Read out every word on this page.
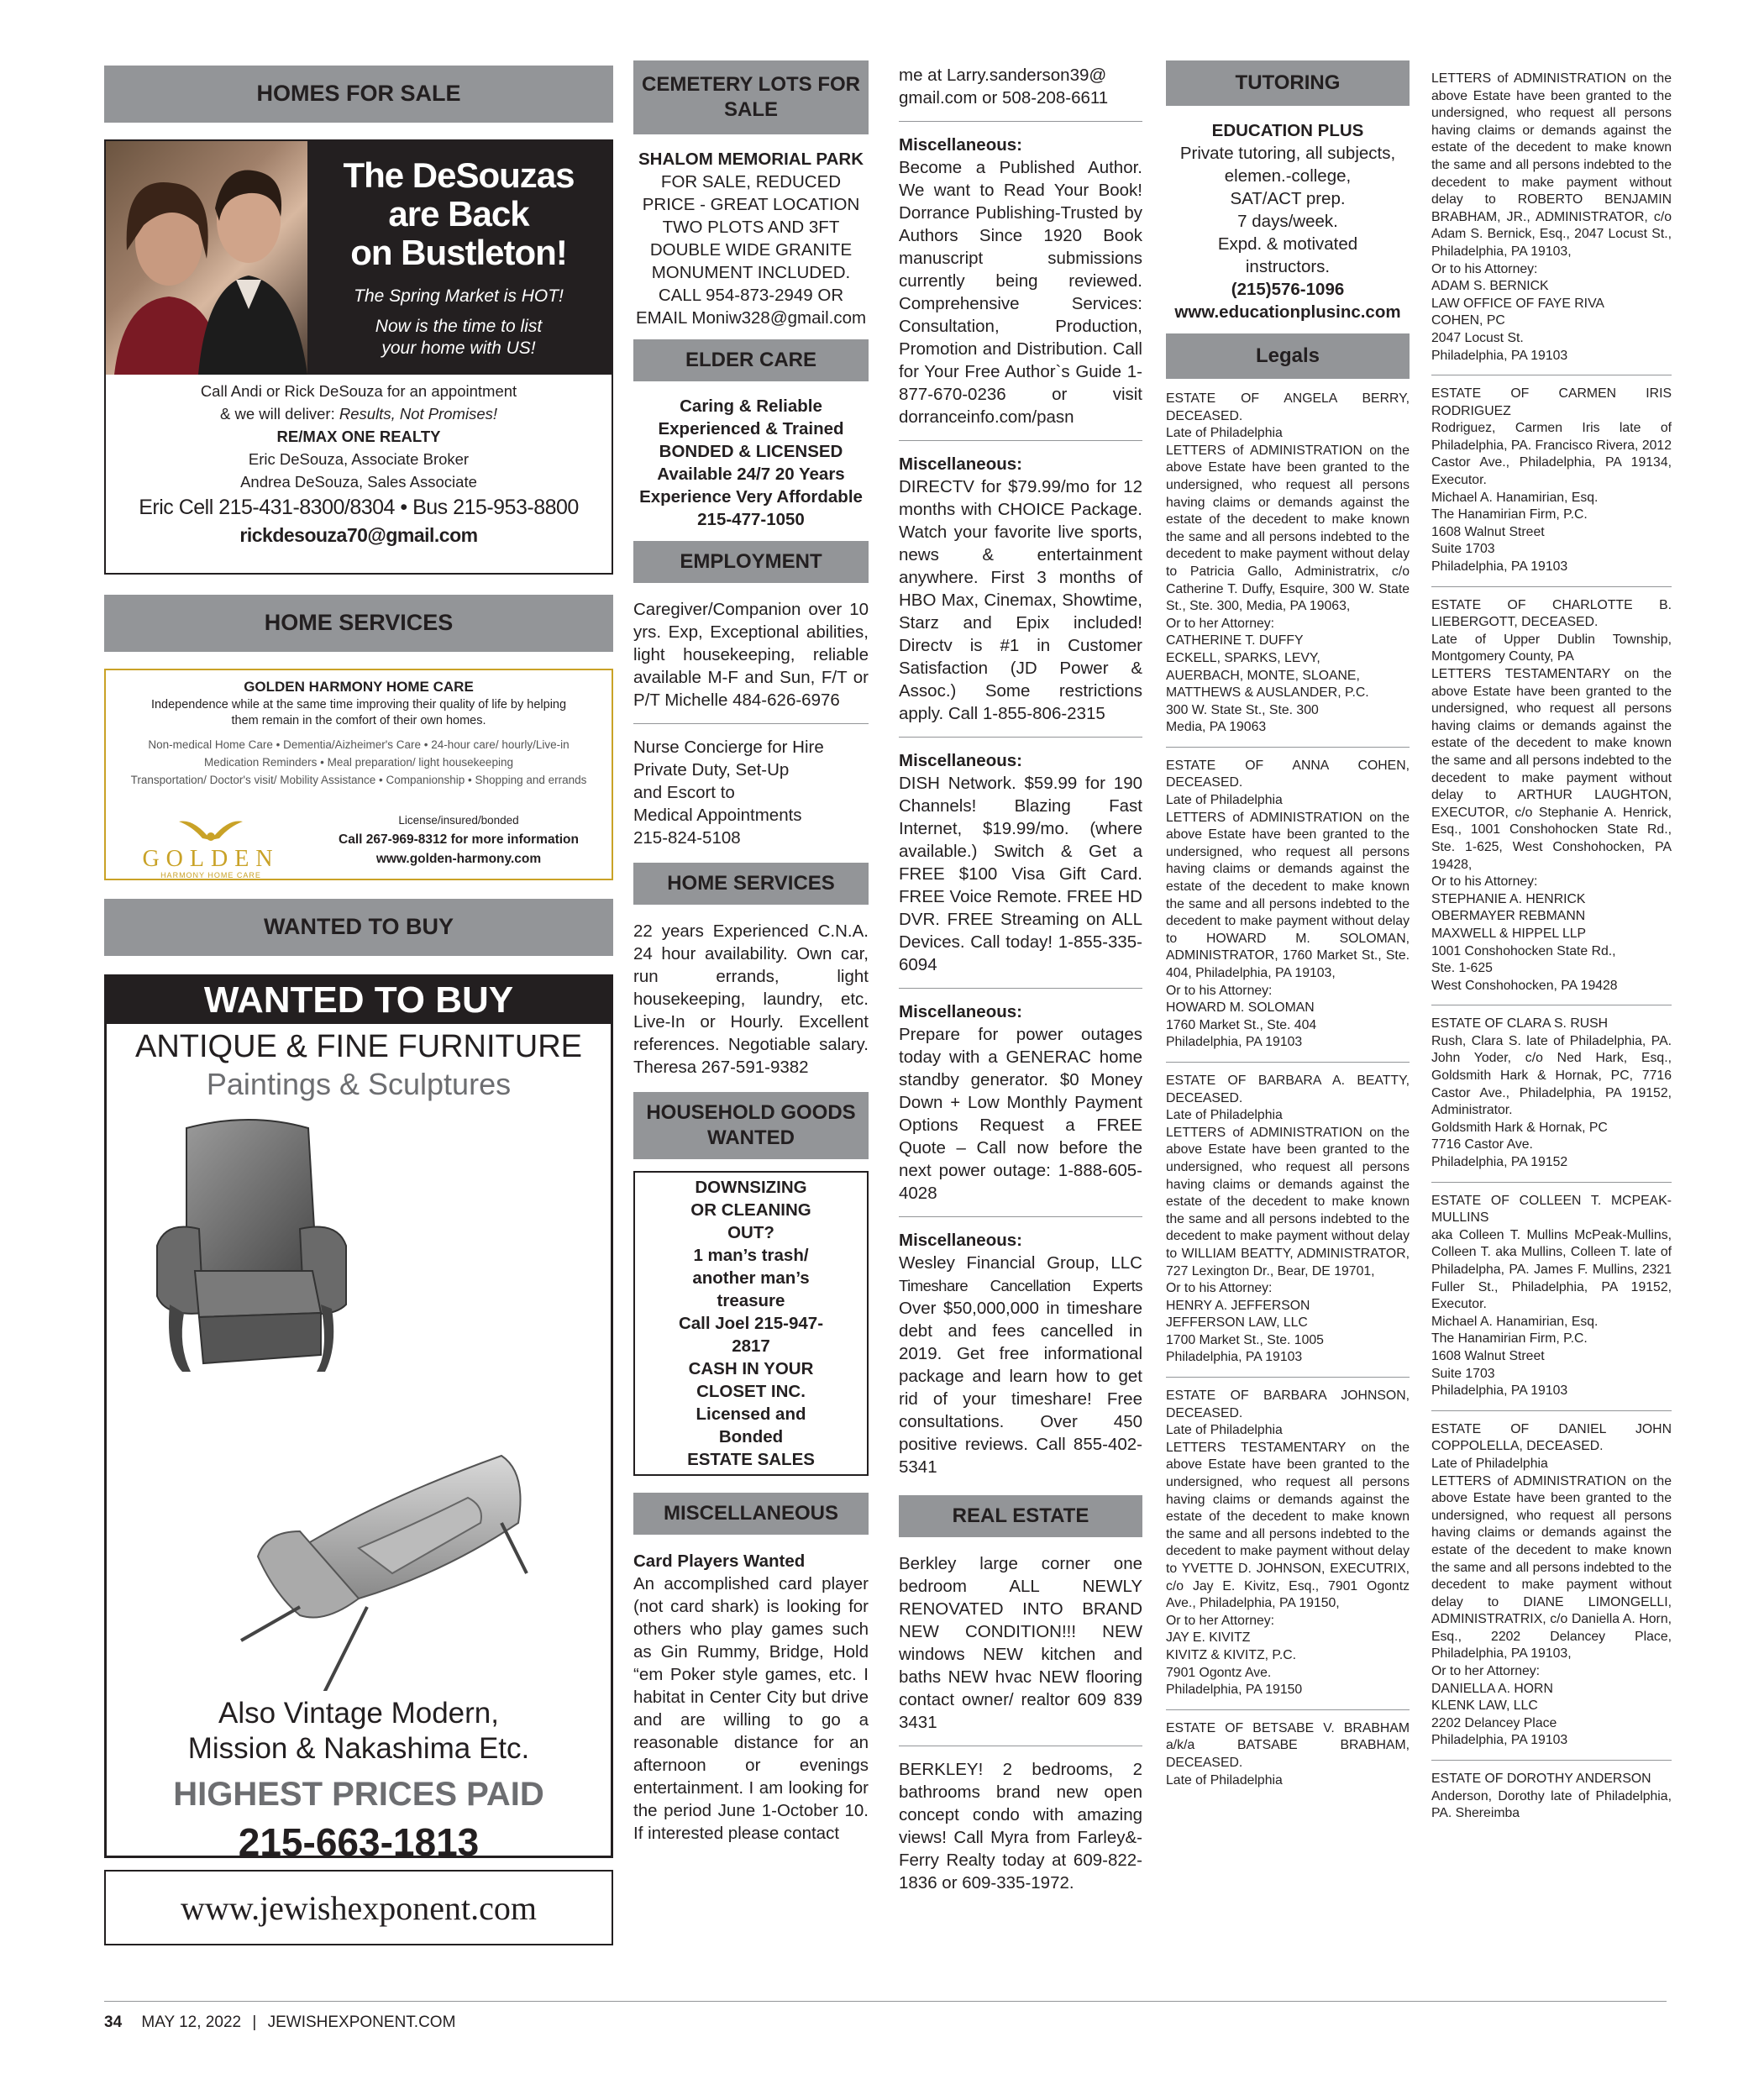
HOMES FOR SALE
The DeSouzas
are Back
on Bustleton!
The Spring Market is HOT!
Now is the time to list
your home with US!
Call Andi or Rick DeSouza for an appointment
& we will deliver: Results, Not Promises!
RE/MAX ONE REALTY
Eric DeSouza, Associate Broker
Andrea DeSouza, Sales Associate
Eric Cell 215-431-8300/8304 • Bus 215-953-8800
rickdesouza70@gmail.com
HOME SERVICES
GOLDEN HARMONY HOME CARE
Independence while at the same time improving their quality of life by helping
them remain in the comfort of their own homes.
Non-medical Home Care • Dementia/Aizheimer's Care • 24-hour care/ hourly/Live-in
Medication Reminders • Meal preparation/ light housekeeping
Transportation/ Doctor's visit/ Mobility Assistance • Companionship • Shopping and errands
GOLDEN
HARMONY HOME CARE
License/insured/bonded
Call 267-969-8312 for more information
www.golden-harmony.com
WANTED TO BUY
WANTED TO BUY
ANTIQUE & FINE FURNITURE
Paintings & Sculptures
Also Vintage Modern,
Mission & Nakashima Etc.
HIGHEST PRICES PAID
215-663-1813
www.jewishexponent.com
CEMETERY LOTS FOR SALE
SHALOM MEMORIAL PARK
FOR SALE, REDUCED PRICE - GREAT LOCATION TWO PLOTS AND 3FT DOUBLE WIDE GRANITE MONUMENT INCLUDED. CALL 954-873-2949 OR EMAIL Moniw328@gmail.com
ELDER CARE
Caring & Reliable Experienced & Trained BONDED & LICENSED Available 24/7 20 Years Experience Very Affordable 215-477-1050
EMPLOYMENT
Caregiver/Companion over 10 yrs. Exp, Exceptional abilities, light housekeeping, reliable available M-F and Sun, F/T or P/T Michelle 484-626-6976
Nurse Concierge for Hire
Private Duty, Set-Up
and Escort to
Medical Appointments
215-824-5108
HOME SERVICES
22 years Experienced C.N.A. 24 hour availability. Own car, run errands, light housekeeping, laundry, etc. Live-In or Hourly. Excellent references. Negotiable salary. Theresa 267-591-9382
HOUSEHOLD GOODS WANTED
DOWNSIZING
OR CLEANING
OUT?
1 man’s trash/
another man’s
treasure
Call Joel 215-947-
2817
CASH IN YOUR
CLOSET INC.
Licensed and
Bonded
ESTATE SALES
MISCELLANEOUS
Card Players Wanted
An accomplished card player (not card shark) is looking for others who play games such as Gin Rummy, Bridge, Hold “em Poker style games, etc. I habitat in Center City but drive and are willing to go a reasonable distance for an afternoon or evenings entertainment. I am looking for the period June 1-October 10. If interested please contact
me at Larry.sanderson39@ gmail.com or 508-208-6611
Miscellaneous:
Become a Published Author. We want to Read Your Book! Dorrance Publishing-Trusted by Authors Since 1920 Book manuscript submissions currently being reviewed. Comprehensive Services: Consultation, Production, Promotion and Distribution. Call for Your Free Author`s Guide 1-877-670-0236 or visit dorranceinfo.com/pasn
Miscellaneous:
DIRECTV for $79.99/mo for 12 months with CHOICE Package. Watch your favorite live sports, news & entertainment anywhere. First 3 months of HBO Max, Cinemax, Showtime, Starz and Epix included! Directv is #1 in Customer Satisfaction (JD Power & Assoc.) Some restrictions apply. Call 1-855-806-2315
Miscellaneous:
DISH Network. $59.99 for 190 Channels! Blazing Fast Internet, $19.99/mo. (where available.) Switch & Get a FREE $100 Visa Gift Card. FREE Voice Remote. FREE HD DVR. FREE Streaming on ALL Devices. Call today! 1-855-335-6094
Miscellaneous:
Prepare for power outages today with a GENERAC home standby generator. $0 Money Down + Low Monthly Payment Options Request a FREE Quote – Call now before the next power outage: 1-888-605-4028
Miscellaneous:
Wesley Financial Group, LLC Timeshare Cancellation Experts Over $50,000,000 in timeshare debt and fees cancelled in 2019. Get free informational package and learn how to get rid of your timeshare! Free consultations. Over 450 positive reviews. Call 855-402-5341
REAL ESTATE
Berkley large corner one bedroom ALL NEWLY RENOVATED INTO BRAND NEW CONDITION!!! NEW windows NEW kitchen and baths NEW hvac NEW flooring contact owner/ realtor 609 839 3431
BERKLEY! 2 bedrooms, 2 bathrooms brand new open concept condo with amazing views! Call Myra from Farley&-Ferry Realty today at 609-822-1836 or 609-335-1972.
TUTORING
EDUCATION PLUS
Private tutoring, all subjects,
elemen.-college,
SAT/ACT prep.
7 days/week.
Expd. & motivated
instructors.
(215)576-1096
www.educationplusinc.com
Legals
ESTATE OF ANGELA BERRY, DECEASED.
Late of Philadelphia
LETTERS of ADMINISTRATION on the above Estate have been granted to the undersigned, who request all persons having claims or demands against the estate of the decedent to make known the same and all persons indebted to the decedent to make payment without delay to Patricia Gallo, Administratrix, c/o Catherine T. Duffy, Esquire, 300 W. State St., Ste. 300, Media, PA 19063,
Or to her Attorney:
CATHERINE T. DUFFY
ECKELL, SPARKS, LEVY,
AUERBACH, MONTE, SLOANE,
MATTHEWS & AUSLANDER, P.C.
300 W. State St., Ste. 300
Media, PA 19063
ESTATE OF ANNA COHEN, DECEASED.
Late of Philadelphia
LETTERS of ADMINISTRATION on the above Estate have been granted to the undersigned, who request all persons having claims or demands against the estate of the decedent to make known the same and all persons indebted to the decedent to make payment without delay to HOWARD M. SOLOMAN, ADMINISTRATOR, 1760 Market St., Ste. 404, Philadelphia, PA 19103,
Or to his Attorney:
HOWARD M. SOLOMAN
1760 Market St., Ste. 404
Philadelphia, PA 19103
ESTATE OF BARBARA A. BEATTY, DECEASED.
Late of Philadelphia
LETTERS of ADMINISTRATION on the above Estate have been granted to the undersigned, who request all persons having claims or demands against the estate of the decedent to make known the same and all persons indebted to the decedent to make payment without delay to WILLIAM BEATTY, ADMINISTRATOR, 727 Lexington Dr., Bear, DE 19701,
Or to his Attorney:
HENRY A. JEFFERSON
JEFFERSON LAW, LLC
1700 Market St., Ste. 1005
Philadelphia, PA 19103
ESTATE OF BARBARA JOHNSON, DECEASED.
Late of Philadelphia
LETTERS TESTAMENTARY on the above Estate have been granted to the undersigned, who request all persons having claims or demands against the estate of the decedent to make known the same and all persons indebted to the decedent to make payment without delay to YVETTE D. JOHNSON, EXECUTRIX, c/o Jay E. Kivitz, Esq., 7901 Ogontz Ave., Philadelphia, PA 19150,
Or to her Attorney:
JAY E. KIVITZ
KIVITZ & KIVITZ, P.C.
7901 Ogontz Ave.
Philadelphia, PA 19150
ESTATE OF BETSABE V. BRABHAM a/k/a BATSABE BRABHAM, DECEASED.
Late of Philadelphia
LETTERS of ADMINISTRATION on the above Estate have been granted to the undersigned, who request all persons having claims or demands against the estate of the decedent to make known the same and all persons indebted to the decedent to make payment without delay to ROBERTO BENJAMIN BRABHAM, JR., ADMINISTRATOR, c/o Adam S. Bernick, Esq., 2047 Locust St., Philadelphia, PA 19103,
Or to his Attorney:
ADAM S. BERNICK
LAW OFFICE OF FAYE RIVA
COHEN, PC
2047 Locust St.
Philadelphia, PA 19103
ESTATE OF CARMEN IRIS RODRIGUEZ
Rodriguez, Carmen Iris late of Philadelphia, PA. Francisco Rivera, 2012 Castor Ave., Philadelphia, PA 19134, Executor.
Michael A. Hanamirian, Esq.
The Hanamirian Firm, P.C.
1608 Walnut Street
Suite 1703
Philadelphia, PA 19103
ESTATE OF CHARLOTTE B. LIEBERGOTT, DECEASED.
Late of Upper Dublin Township, Montgomery County, PA
LETTERS TESTAMENTARY on the above Estate have been granted to the undersigned, who request all persons having claims or demands against the estate of the decedent to make known the same and all persons indebted to the decedent to make payment without delay to ARTHUR LAUGHTON, EXECUTOR, c/o Stephanie A. Henrick, Esq., 1001 Conshohocken State Rd., Ste. 1-625, West Conshohocken, PA 19428,
Or to his Attorney:
STEPHANIE A. HENRICK
OBERMAYER REBMANN
MAXWELL & HIPPEL LLP
1001 Conshohocken State Rd.,
Ste. 1-625
West Conshohocken, PA 19428
ESTATE OF CLARA S. RUSH
Rush, Clara S. late of Philadelphia, PA. John Yoder, c/o Ned Hark, Esq., Goldsmith Hark & Hornak, PC, 7716 Castor Ave., Philadelphia, PA 19152, Administrator.
Goldsmith Hark & Hornak, PC
7716 Castor Ave.
Philadelphia, PA 19152
ESTATE OF COLLEEN T. MCPEAK-MULLINS
aka Colleen T. Mullins McPeak-Mullins, Colleen T. aka Mullins, Colleen T. late of Philadelpha, PA. James F. Mullins, 2321 Fuller St., Philadelphia, PA 19152, Executor.
Michael A. Hanamirian, Esq.
The Hanamirian Firm, P.C.
1608 Walnut Street
Suite 1703
Philadelphia, PA 19103
ESTATE OF DANIEL JOHN COPPOLELLA, DECEASED.
Late of Philadelphia
LETTERS of ADMINISTRATION on the above Estate have been granted to the undersigned, who request all persons having claims or demands against the estate of the decedent to make known the same and all persons indebted to the decedent to make payment without delay to DIANE LIMONGELLI, ADMINISTRATRIX, c/o Daniella A. Horn, Esq., 2202 Delancey Place, Philadelphia, PA 19103,
Or to her Attorney:
DANIELLA A. HORN
KLENK LAW, LLC
2202 Delancey Place
Philadelphia, PA 19103
ESTATE OF DOROTHY ANDERSON
Anderson, Dorothy late of Philadelphia, PA. Shereimba
34 MAY 12, 2022 | JEWISHEXPONENT.COM
